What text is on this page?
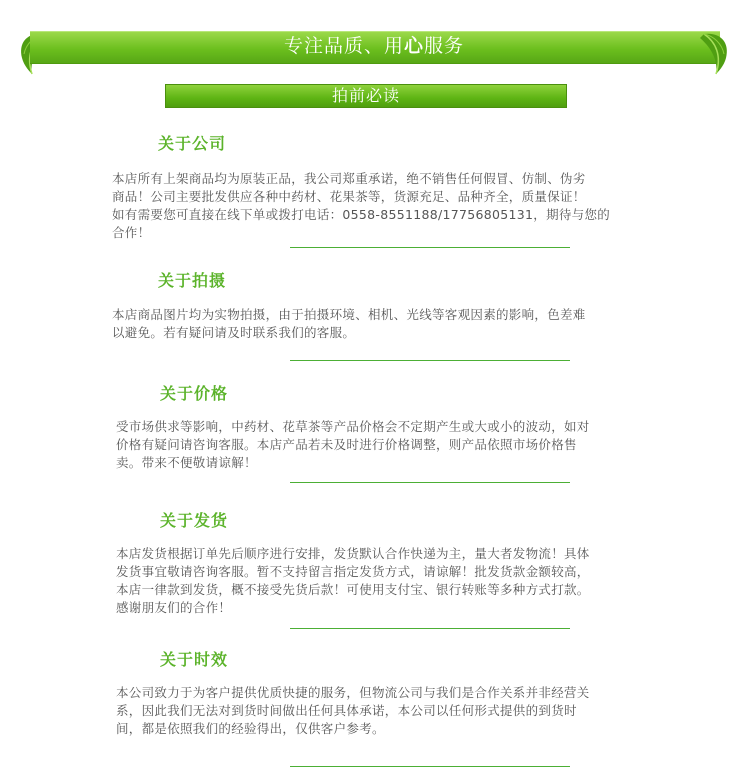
专注品质、用心服务
拍前必读
关于公司
本店所有上架商品均为原装正品，我公司郑重承诺，绝不销售任何假冒、仿制、伪劣
商品！公司主要批发供应各种中药材、花果茶等，货源充足、品种齐全，质量保证！
如有需要您可直接在线下单或拨打电话：0558-8551188/17756805131，期待与您的
合作！
关于拍摄
本店商品图片均为实物拍摄，由于拍摄环境、相机、光线等客观因素的影响，色差难
以避免。若有疑问请及时联系我们的客服。
关于价格
受市场供求等影响，中药材、花草茶等产品价格会不定期产生或大或小的波动，如对
价格有疑问请咨询客服。本店产品若未及时进行价格调整，则产品依照市场价格售
卖。带来不便敬请谅解！
关于发货
本店发货根据订单先后顺序进行安排，发货默认合作快递为主，量大者发物流！具体
发货事宜敬请咨询客服。暂不支持留言指定发货方式，请谅解！批发货款金额较高，
本店一律款到发货，概不接受先货后款！可使用支付宝、银行转账等多种方式打款。
感谢朋友们的合作！
关于时效
本公司致力于为客户提供优质快捷的服务，但物流公司与我们是合作关系并非经营关
系，因此我们无法对到货时间做出任何具体承诺，本公司以任何形式提供的到货时
间，都是依照我们的经验得出，仅供客户参考。
